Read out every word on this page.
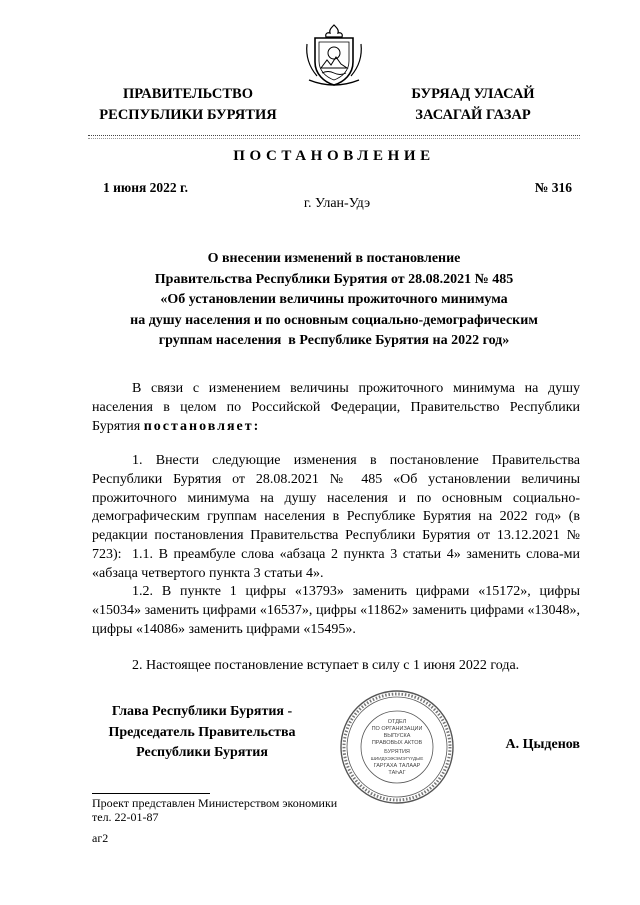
ПРАВИТЕЛЬСТВО
РЕСПУБЛИКИ БУРЯТИЯ
БУРЯАД УЛАСАЙ
ЗАСАГАЙ ГАЗАР
ПОСТАНОВЛЕНИЕ
1 июня 2022 г.	№ 316
г. Улан-Удэ
О внесении изменений в постановление
Правительства Республики Бурятия от 28.08.2021 № 485
«Об установлении величины прожиточного минимума
на душу населения и по основным социально-демографическим
группам населения  в Республике Бурятия на 2022 год»
В связи с изменением величины прожиточного минимума на душу населения в целом по Российской Федерации, Правительство Республики Бурятия постановляет:
1. Внести следующие изменения в постановление Правительства Республики Бурятия от 28.08.2021 № 485 «Об установлении величины прожиточного минимума на душу населения и по основным социально-демографическим группам населения в Республике Бурятия на 2022 год» (в редакции постановления Правительства Республики Бурятия от 13.12.2021 № 723): 1.1. В преамбуле слова «абзаца 2 пункта 3 статьи 4» заменить слова-ми «абзаца четвертого пункта 3 статьи 4».
1.2. В пункте 1 цифры «13793» заменить цифрами «15172», цифры «15034» заменить цифрами «16537», цифры «11862» заменить цифрами «13048», цифры «14086» заменить цифрами «15495».
2. Настоящее постановление вступает в силу с 1 июня 2022 года.
Глава Республики Бурятия -
Председатель Правительства
Республики Бурятия
А. Цыденов
ОТДЕЛ
ПО ОРГАНИЗАЦИИ
ВЫПУСКА
ПРАВОВЫХ АКТОВ
БУРЯТИЯ
ШИИДХЭЖЭМЭГҮҮДЫЕ
ГАРГАХА ТАЛААР
ТАҺАГ
Проект представлен Министерством экономики
тел. 22-01-87
аг2
